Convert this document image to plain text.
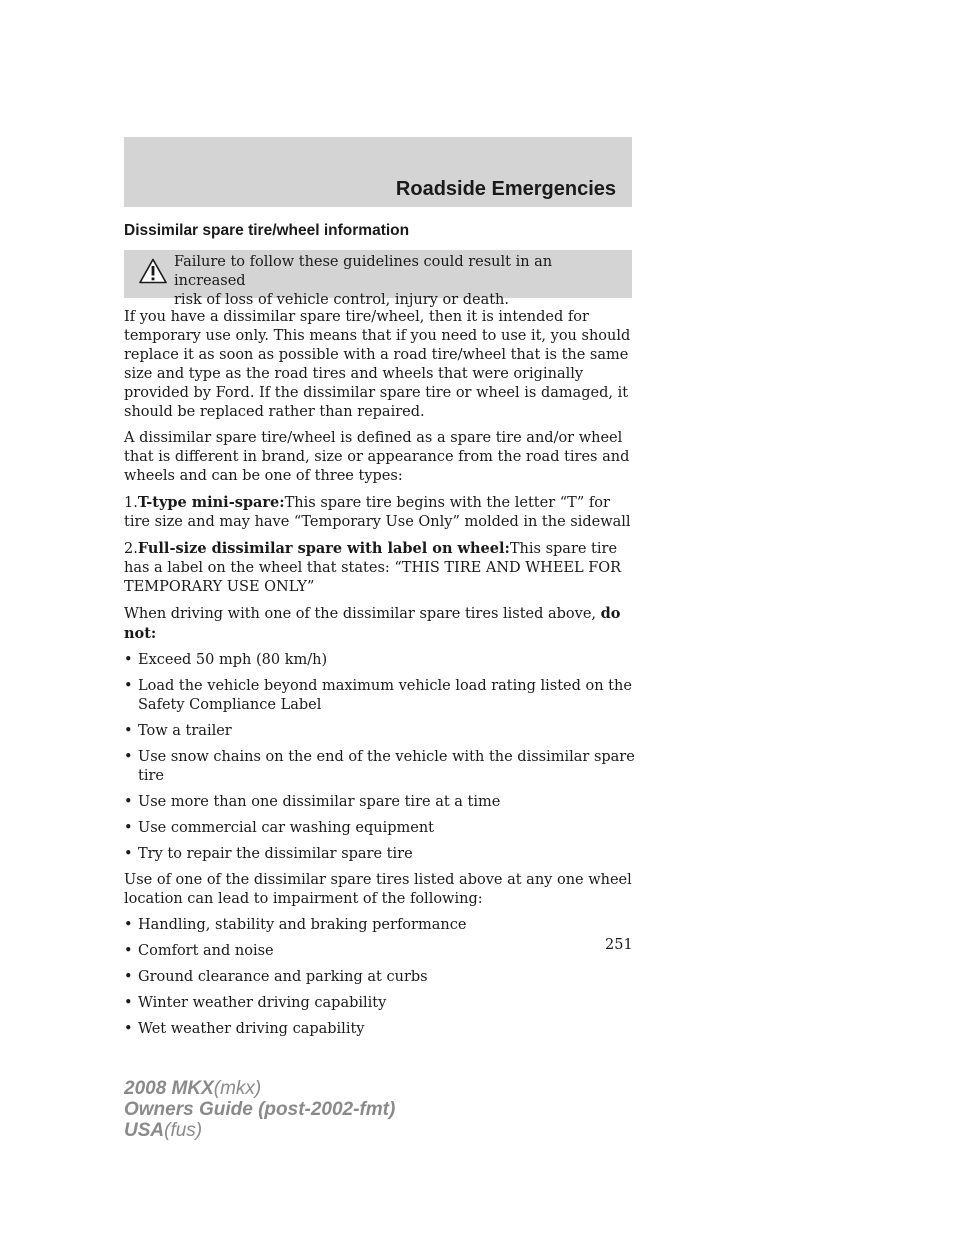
Roadside Emergencies
Dissimilar spare tire/wheel information
Failure to follow these guidelines could result in an increased
risk of loss of vehicle control, injury or death.

If you have a dissimilar spare tire/wheel, then it is intended for temporary use only. This means that if you need to use it, you should replace it as soon as possible with a road tire/wheel that is the same size and type as the road tires and wheels that were originally provided by Ford. If the dissimilar spare tire or wheel is damaged, it should be replaced rather than repaired.

A dissimilar spare tire/wheel is defined as a spare tire and/or wheel that is different in brand, size or appearance from the road tires and wheels and can be one of three types:

1.T-type mini-spare:This spare tire begins with the letter “T” for tire size and may have “Temporary Use Only” molded in the sidewall

2.Full-size dissimilar spare with label on wheel:This spare tire has a label on the wheel that states: “THIS TIRE AND WHEEL FOR TEMPORARY USE ONLY”

When driving with one of the dissimilar spare tires listed above, do not:

• Exceed 50 mph (80 km/h)
• Load the vehicle beyond maximum vehicle load rating listed on the Safety Compliance Label
• Tow a trailer
• Use snow chains on the end of the vehicle with the dissimilar spare tire
• Use more than one dissimilar spare tire at a time
• Use commercial car washing equipment
• Try to repair the dissimilar spare tire

Use of one of the dissimilar spare tires listed above at any one wheel location can lead to impairment of the following:

• Handling, stability and braking performance
• Comfort and noise
• Ground clearance and parking at curbs
• Winter weather driving capability
• Wet weather driving capability
251
2008 MKX(mkx)
Owners Guide (post-2002-fmt)
USA(fus)
